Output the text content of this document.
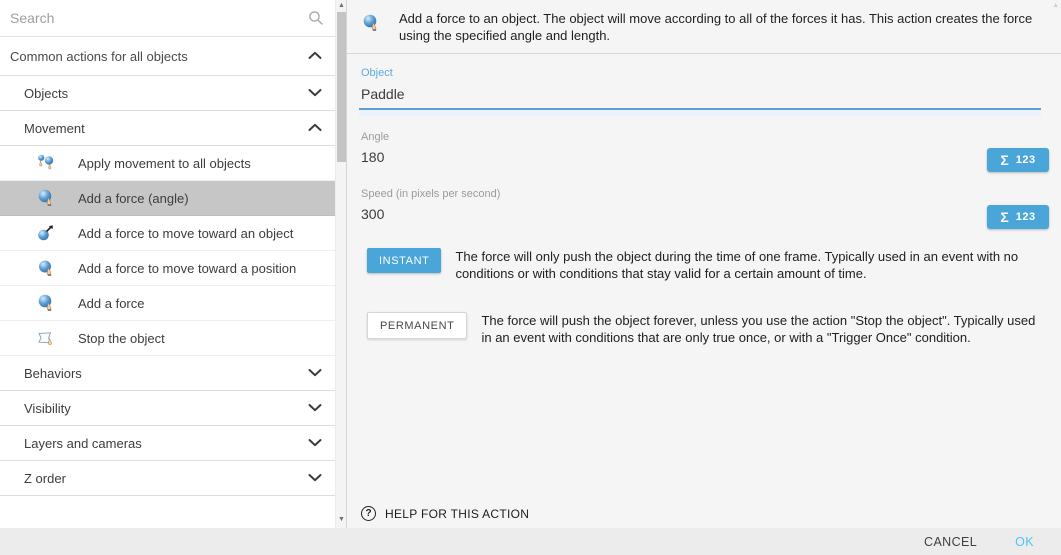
Search
Common actions for all objects
Objects
Movement
Apply movement to all objects
Add a force (angle)
Add a force to move toward an object
Add a force to move toward a position
Add a force
Stop the object
Behaviors
Visibility
Layers and cameras
Z order
▲
▼
▲

Add a force to an object. The object will move according to all of the forces it has. This action creates the force using the specified angle and length.

Object
Paddle
Angle
180	Σ 123
Speed (in pixels per second)
300	Σ 123
INSTANT	The force will only push the object during the time of one frame. Typically used in an event with no conditions or with conditions that stay valid for a certain amount of time.

PERMANENT	The force will push the object forever, unless you use the action "Stop the object". Typically used in an event with conditions that are only true once, or with a "Trigger Once" condition.

?	HELP FOR THIS ACTION
CANCEL	OK
